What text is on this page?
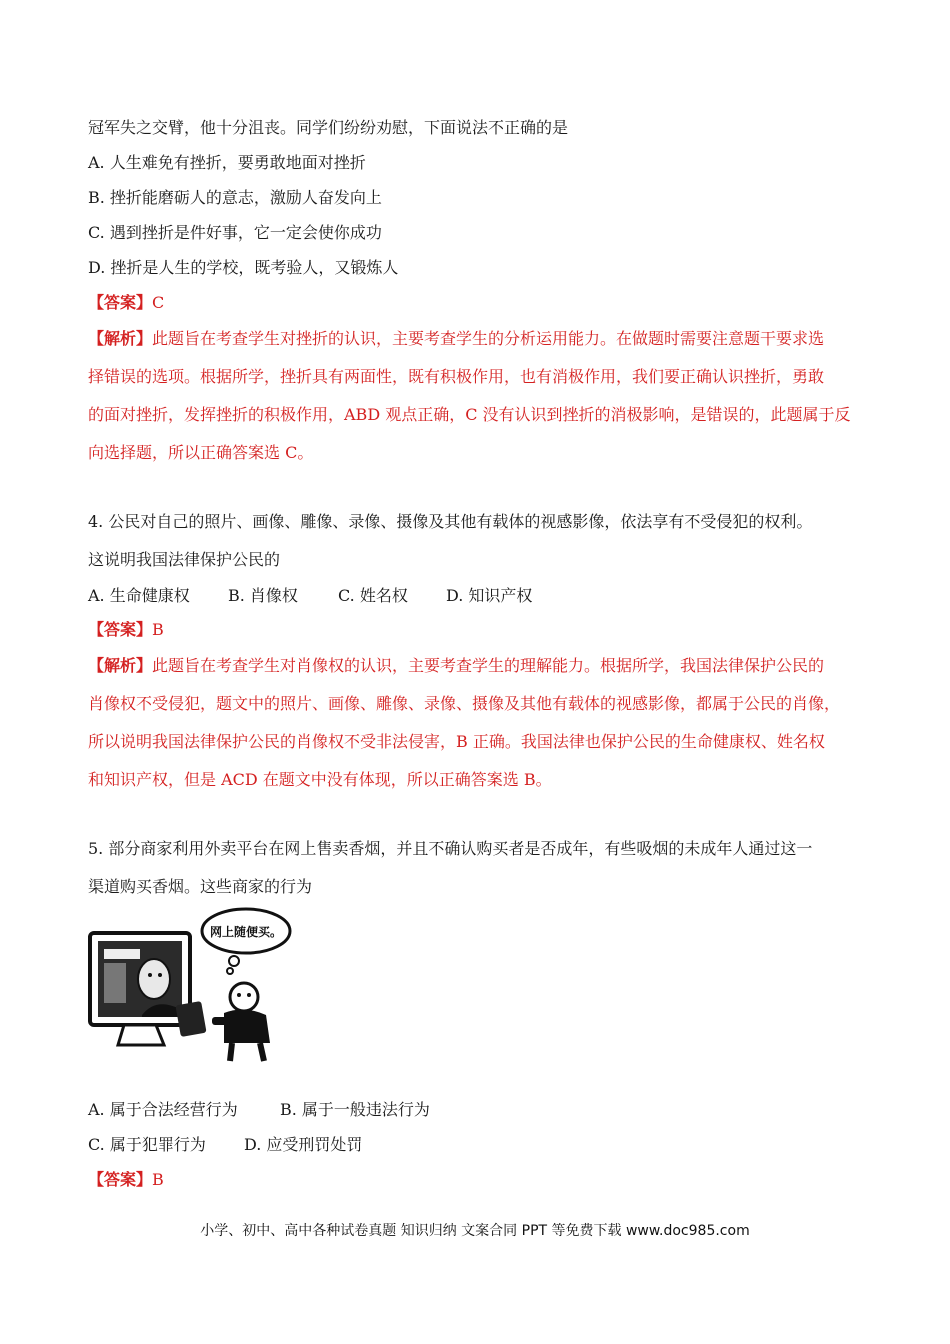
冠军失之交臂，他十分沮丧。同学们纷纷劝慰，下面说法不正确的是
A. 人生难免有挫折，要勇敢地面对挫折
B. 挫折能磨砺人的意志，激励人奋发向上
C. 遇到挫折是件好事，它一定会使你成功
D. 挫折是人生的学校，既考验人，又锻炼人
【答案】C
【解析】此题旨在考查学生对挫折的认识，主要考查学生的分析运用能力。在做题时需要注意题干要求选
择错误的选项。根据所学，挫折具有两面性，既有积极作用，也有消极作用，我们要正确认识挫折，勇敢
的面对挫折，发挥挫折的积极作用，ABD 观点正确，C 没有认识到挫折的消极影响，是错误的，此题属于反
向选择题，所以正确答案选 C。
4. 公民对自己的照片、画像、雕像、录像、摄像及其他有载体的视感影像，依法享有不受侵犯的权利。
这说明我国法律保护公民的
A. 生命健康权 B. 肖像权	C. 姓名权 D. 知识产权
【答案】B
【解析】此题旨在考查学生对肖像权的认识，主要考查学生的理解能力。根据所学，我国法律保护公民的
肖像权不受侵犯，题文中的照片、画像、雕像、录像、摄像及其他有载体的视感影像，都属于公民的肖像，
所以说明我国法律保护公民的肖像权不受非法侵害，B 正确。我国法律也保护公民的生命健康权、姓名权
和知识产权，但是 ACD 在题文中没有体现，所以正确答案选 B。
5. 部分商家利用外卖平台在网上售卖香烟，并且不确认购买者是否成年，有些吸烟的未成年人通过这一
渠道购买香烟。这些商家的行为
网上随便买。
A. 属于合法经营行为	B. 属于一般违法行为
C. 属于犯罪行为 D. 应受刑罚处罚
【答案】B
小学、初中、高中各种试卷真题 知识归纳 文案合同 PPT 等免费下载 www.doc985.com
